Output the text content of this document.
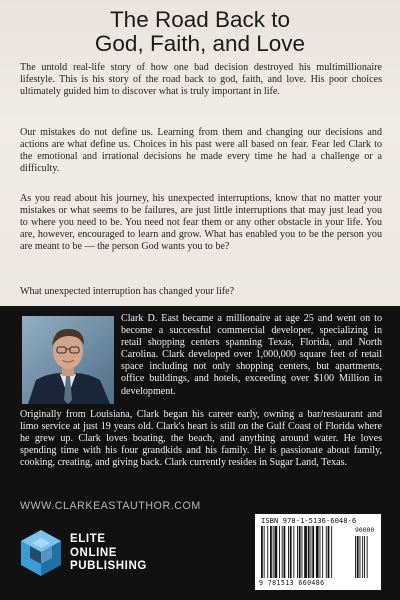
The Road Back to
God, Faith, and Love

The untold real-life story of how one bad decision destroyed his multimillionaire lifestyle. This is his story of the road back to god, faith, and love. His poor choices ultimately guided him to discover what is truly important in life.

Our mistakes do not define us. Learning from them and changing our decisions and actions are what define us. Choices in his past were all based on fear. Fear led Clark to the emotional and irrational decisions he made every time he had a challenge or a difficulty.

As you read about his journey, his unexpected interruptions, know that no matter your mistakes or what seems to be failures, are just little interruptions that may just lead you to where you need to be. You need not fear them or any other obstacle in your life. You are, however, encouraged to learn and grow. What has enabled you to be the person you are meant to be — the person God wants you to be?

What unexpected interruption has changed your life?

Clark D. East became a millionaire at age 25 and went on to become a successful commercial developer, specializing in retail shopping centers spanning Texas, Florida, and North Carolina. Clark developed over 1,000,000 square feet of retail space including not only shopping centers, but apartments, office buildings, and hotels, exceeding over $100 Million in development.

Originally from Louisiana, Clark began his career early, owning a bar/restaurant and limo service at just 19 years old. Clark's heart is still on the Gulf Coast of Florida where he grew up. Clark loves boating, the beach, and anything around water. He loves spending time with his four grandkids and his family. He is passionate about family, cooking, creating, and giving back. Clark currently resides in Sugar Land, Texas.

WWW.CLARKEASTAUTHOR.COM

ELITE
ONLINE
PUBLISHING
ISBN 978-1-5136-6048-6
90000
9 781513 660486
